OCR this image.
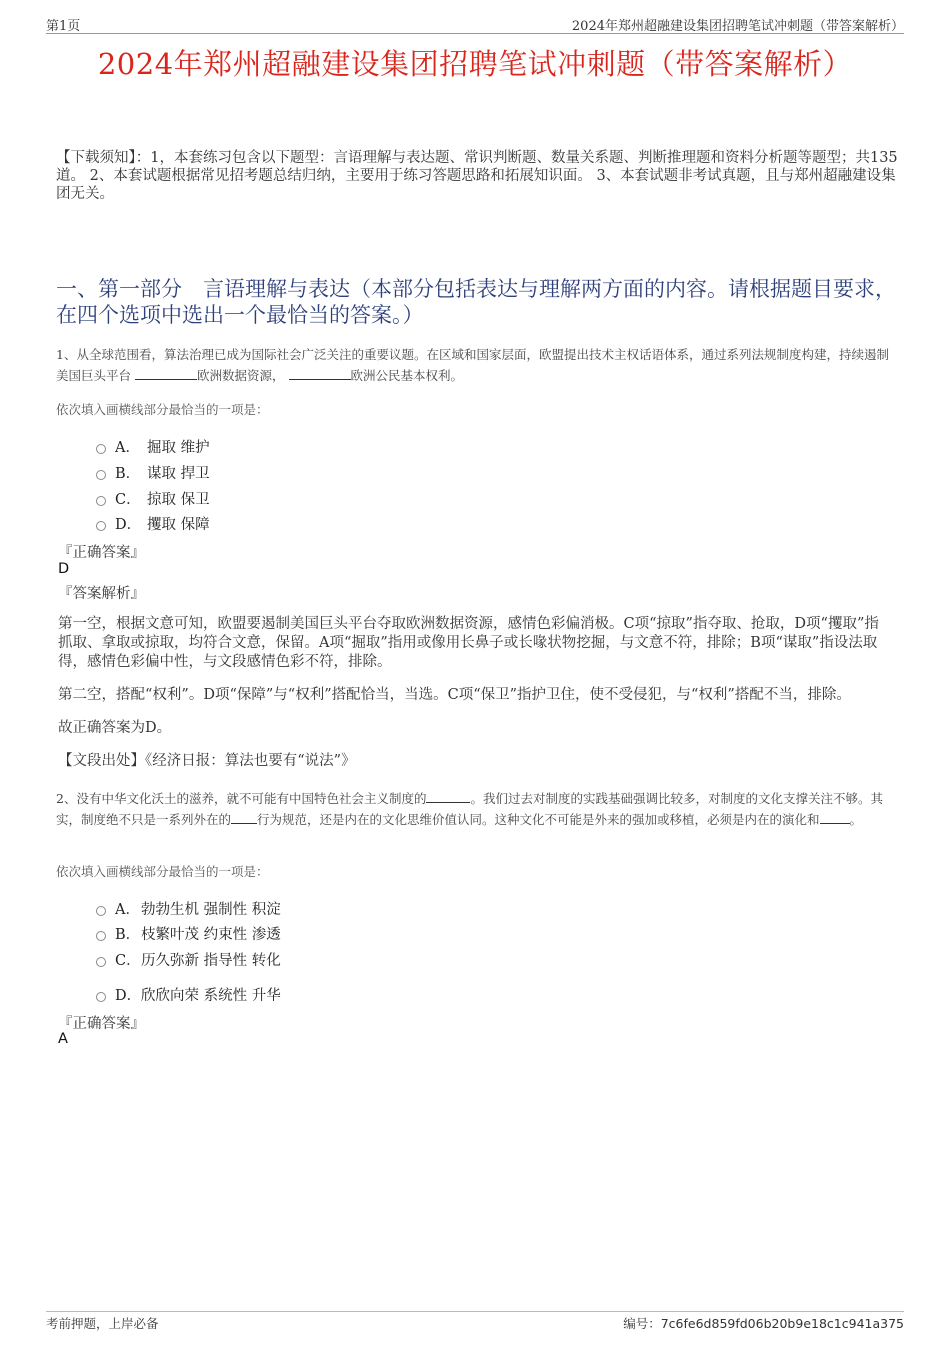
第1页	2024年郑州超融建设集团招聘笔试冲刺题（带答案解析）
2024年郑州超融建设集团招聘笔试冲刺题（带答案解析）
【下载须知】：1，本套练习包含以下题型：言语理解与表达题、常识判断题、数量关系题、判断推理题和资料分析题等题型；共135道。 2、本套试题根据常见招考题总结归纳，主要用于练习答题思路和拓展知识面。 3、本套试题非考试真题，且与郑州超融建设集团无关。
一、第一部分　言语理解与表达（本部分包括表达与理解两方面的内容。请根据题目要求，在四个选项中选出一个最恰当的答案。）
1、从全球范围看，算法治理已成为国际社会广泛关注的重要议题。在区域和国家层面，欧盟提出技术主权话语体系，通过系列法规制度构建，持续遏制美国巨头平台	欧洲数据资源，	欧洲公民基本权利。
依次填入画横线部分最恰当的一项是：
A． 掘取 维护
B． 谋取 捍卫
C． 掠取 保卫
D． 攫取 保障
『正确答案』
D
『答案解析』
第一空，根据文意可知，欧盟要遏制美国巨头平台夺取欧洲数据资源，感情色彩偏消极。C项“掠取”指夺取、抢取，D项“攫取”指抓取、拿取或掠取，均符合文意，保留。A项“掘取”指用或像用长鼻子或长喙状物挖掘，与文意不符，排除；B项“谋取”指设法取得，感情色彩偏中性，与文段感情色彩不符，排除。
第二空，搭配“权利”。D项“保障”与“权利”搭配恰当，当选。C项“保卫”指护卫住，使不受侵犯，与“权利”搭配不当，排除。
故正确答案为D。
【文段出处】《经济日报：算法也要有“说法”》
2、没有中华文化沃土的滋养，就不可能有中国特色社会主义制度的	。我们过去对制度的实践基础强调比较多，对制度的文化支撑关注不够。其实，制度绝不只是一系列外在的 行为规范，还是内在的文化思维价值认同。这种文化不可能是外来的强加或移植，必须是内在的演化和 。
依次填入画横线部分最恰当的一项是：
A． 勃勃生机 强制性 积淀
B． 枝繁叶茂 约束性 渗透
C． 历久弥新 指导性 转化
D． 欣欣向荣 系统性 升华
『正确答案』
A
考前押题，上岸必备	编号：7c6fe6d859fd06b20b9e18c1c941a375
